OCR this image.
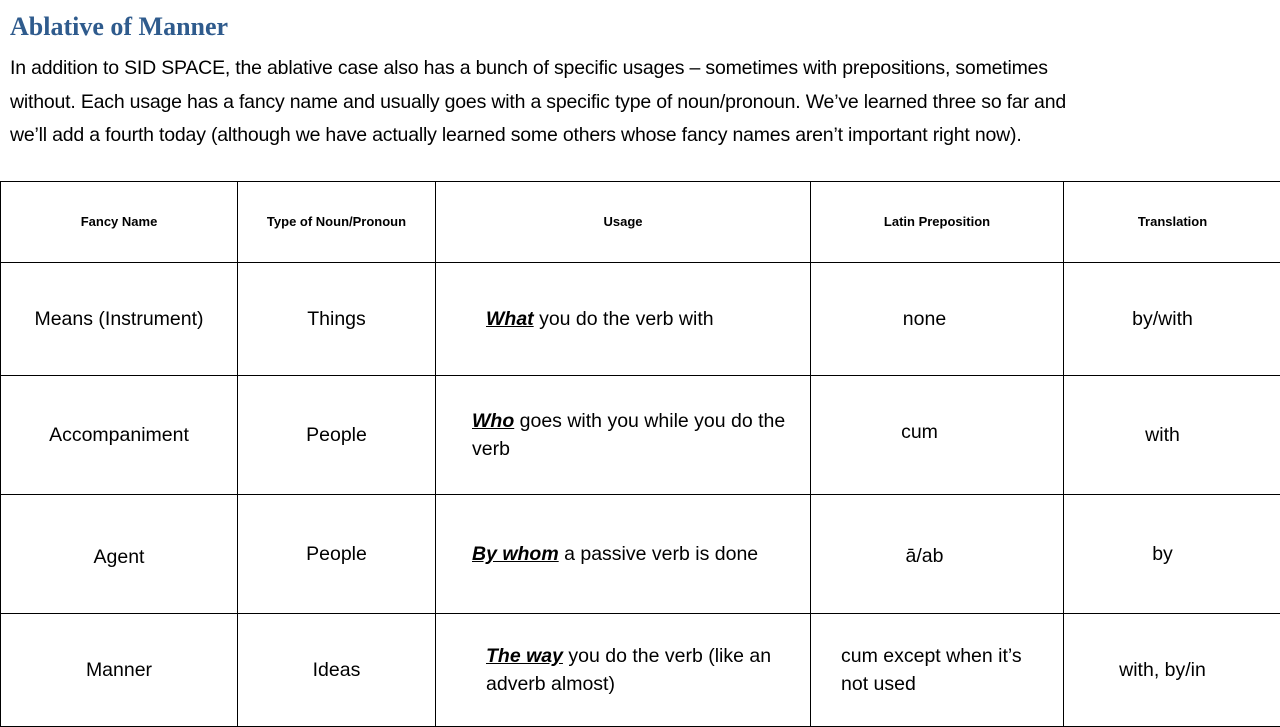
Ablative of Manner
In addition to SID SPACE, the ablative case also has a bunch of specific usages – sometimes with prepositions, sometimes
without. Each usage has a fancy name and usually goes with a specific type of noun/pronoun. We’ve learned three so far and
we’ll add a fourth today (although we have actually learned some others whose fancy names aren’t important right now).
Fancy Name	Type of Noun/Pronoun	Usage	Latin Preposition	Translation
Means (Instrument)	Things	What you do the verb with	none	by/with
Accompaniment	People	Who goes with you while you do the verb	cum	with
Agent	People	By whom a passive verb is done	ā/ab	by
Manner	Ideas	The way you do the verb (like an adverb almost)	cum except when it’s not used	with, by/in
